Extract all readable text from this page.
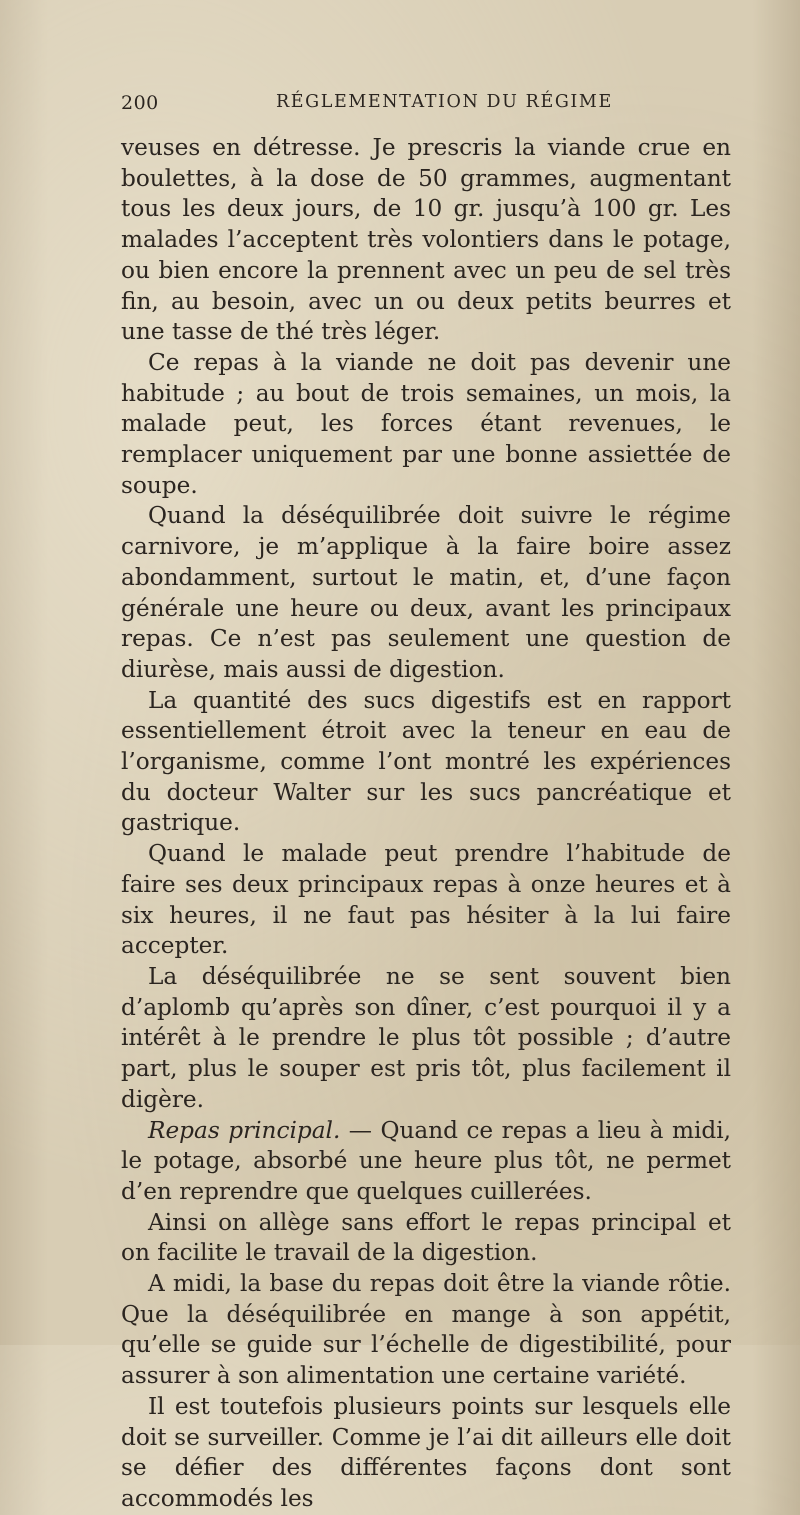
200	RÉGLEMENTATION DU RÉGIME

veuses en détresse. Je prescris la viande crue en boulettes, à la dose de 50 grammes, augmentant tous les deux jours, de 10 gr. jusqu’à 100 gr. Les malades l’acceptent très volontiers dans le potage, ou bien encore la prennent avec un peu de sel très fin, au besoin, avec un ou deux petits beurres et une tasse de thé très léger.

Ce repas à la viande ne doit pas devenir une habitude ; au bout de trois semaines, un mois, la malade peut, les forces étant revenues, le remplacer uniquement par une bonne assiettée de soupe.

Quand la déséquilibrée doit suivre le régime carnivore, je m’applique à la faire boire assez abondamment, surtout le matin, et, d’une façon générale une heure ou deux, avant les principaux repas. Ce n’est pas seulement une question de diurèse, mais aussi de digestion.

La quantité des sucs digestifs est en rapport essentiellement étroit avec la teneur en eau de l’organisme, comme l’ont montré les expériences du docteur Walter sur les sucs pancréatique et gastrique.

Quand le malade peut prendre l’habitude de faire ses deux principaux repas à onze heures et à six heures, il ne faut pas hésiter à la lui faire accepter.

La déséquilibrée ne se sent souvent bien d’aplomb qu’après son dîner, c’est pourquoi il y a intérêt à le prendre le plus tôt possible ; d’autre part, plus le souper est pris tôt, plus facilement il digère.

Repas principal. — Quand ce repas a lieu à midi, le potage, absorbé une heure plus tôt, ne permet d’en reprendre que quelques cuillerées.

Ainsi on allège sans effort le repas principal et on facilite le travail de la digestion.

A midi, la base du repas doit être la viande rôtie. Que la déséquilibrée en mange à son appétit, qu’elle se guide sur l’échelle de digestibilité, pour assurer à son alimentation une certaine variété.

Il est toutefois plusieurs points sur lesquels elle doit se surveiller. Comme je l’ai dit ailleurs elle doit se défier des différentes façons dont sont accommodés les
